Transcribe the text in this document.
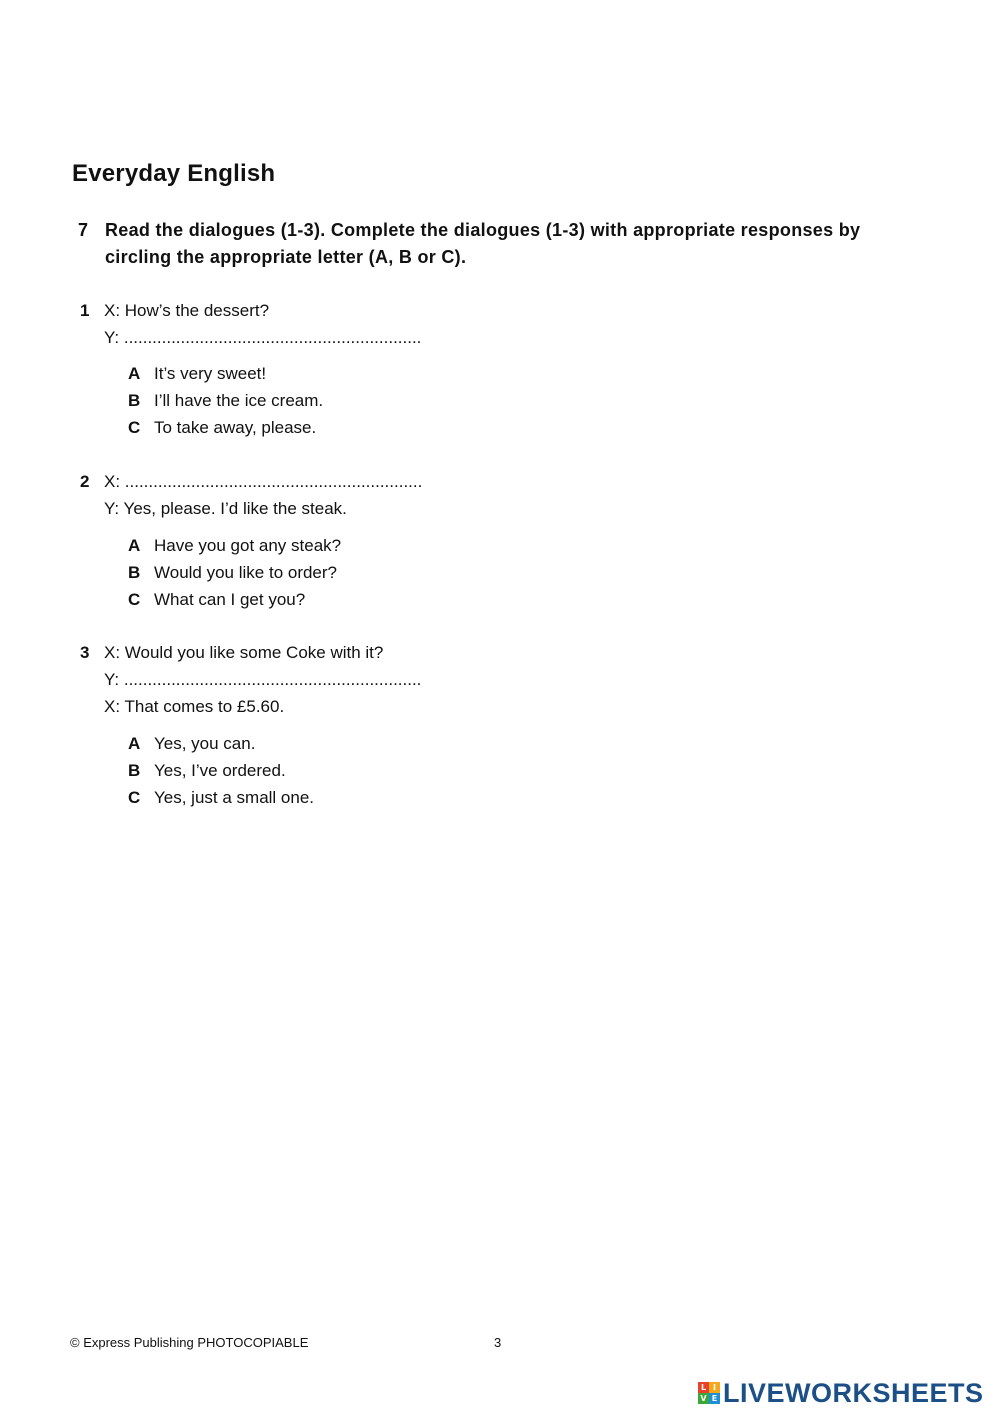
Everyday English
7 Read the dialogues (1-3). Complete the dialogues (1-3) with appropriate responses by circling the appropriate letter (A, B or C).
1 X: How’s the dessert?
Y: ...............................................................
A It’s very sweet!
B I’ll have the ice cream.
C To take away, please.
2 X: ...............................................................
Y: Yes, please. I’d like the steak.
A Have you got any steak?
B Would you like to order?
C What can I get you?
3 X: Would you like some Coke with it?
Y: ...............................................................
X: That comes to £5.60.
A Yes, you can.
B Yes, I’ve ordered.
C Yes, just a small one.
© Express Publishing PHOTOCOPIABLE	3
L I
V E LIVEWORKSHEETS
